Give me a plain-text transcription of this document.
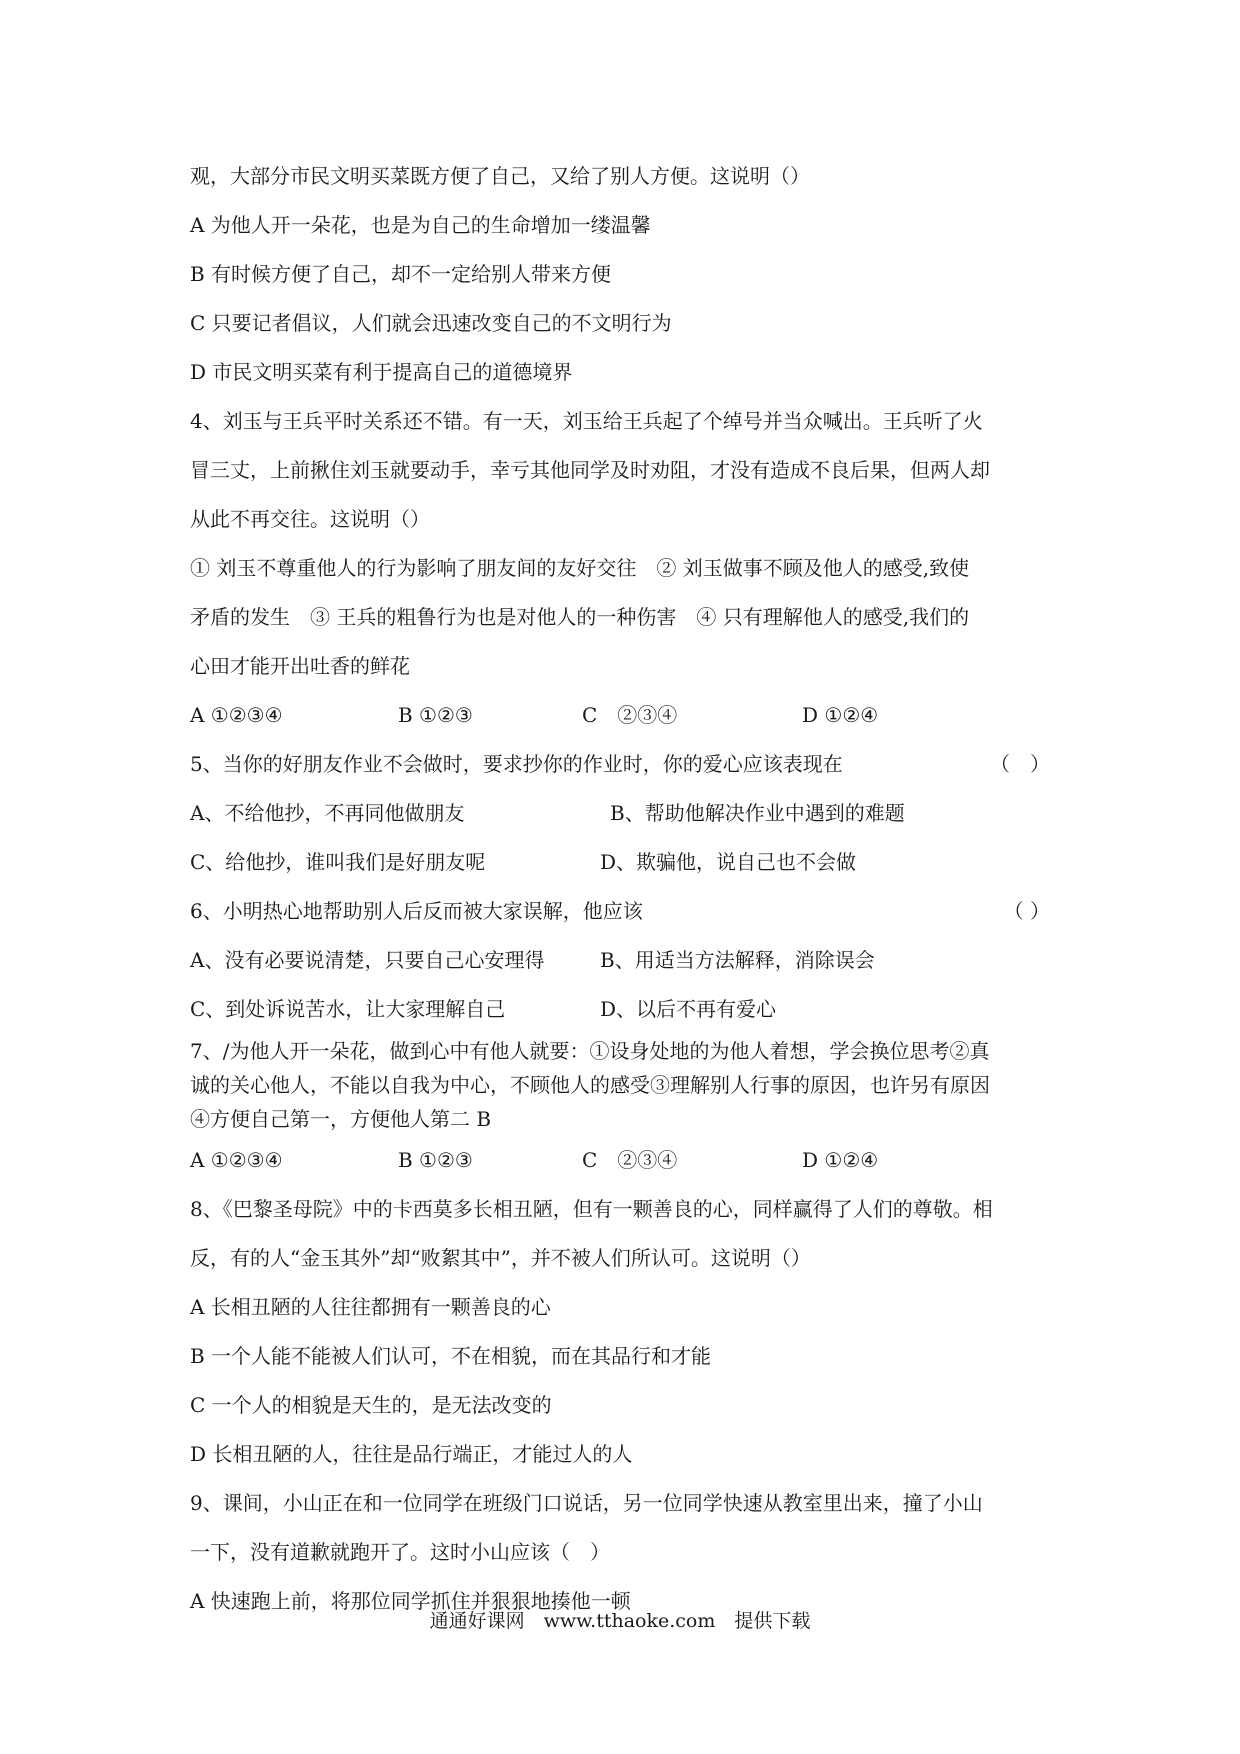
观，大部分市民文明买菜既方便了自己，又给了别人方便。这说明（）
A 为他人开一朵花，也是为自己的生命增加一缕温馨
B 有时候方便了自己，却不一定给别人带来方便
C 只要记者倡议，人们就会迅速改变自己的不文明行为
D 市民文明买菜有利于提高自己的道德境界
4、刘玉与王兵平时关系还不错。有一天，刘玉给王兵起了个绰号并当众喊出。王兵听了火
冒三丈，上前揪住刘玉就要动手，幸亏其他同学及时劝阻，才没有造成不良后果，但两人却
从此不再交往。这说明（）
① 刘玉不尊重他人的行为影响了朋友间的友好交往　② 刘玉做事不顾及他人的感受,致使
矛盾的发生　③ 王兵的粗鲁行为也是对他人的一种伤害　④ 只有理解他人的感受,我们的
心田才能开出吐香的鲜花
A ①②③④	B ①②③	C　②③④	D ①②④
5、当你的好朋友作业不会做时，要求抄你的作业时，你的爱心应该表现在	（　）
A、不给他抄，不再同他做朋友	B、帮助他解决作业中遇到的难题
C、给他抄，谁叫我们是好朋友呢	D、欺骗他，说自己也不会做
6、小明热心地帮助别人后反而被大家误解，他应该	（ ）
A、没有必要说清楚，只要自己心安理得	B、用适当方法解释，消除误会
C、到处诉说苦水，让大家理解自己	D、以后不再有爱心
7、/为他人开一朵花，做到心中有他人就要：①设身处地的为他人着想，学会换位思考②真
诚的关心他人，不能以自我为中心，不顾他人的感受③理解别人行事的原因，也许另有原因
④方便自己第一，方便他人第二 B
A ①②③④	B ①②③	C　②③④	D ①②④
8、《巴黎圣母院》中的卡西莫多长相丑陋，但有一颗善良的心，同样赢得了人们的尊敬。相
反，有的人“金玉其外”却“败絮其中”，并不被人们所认可。这说明（）
A 长相丑陋的人往往都拥有一颗善良的心
B 一个人能不能被人们认可，不在相貌，而在其品行和才能
C 一个人的相貌是天生的，是无法改变的
D 长相丑陋的人，往往是品行端正，才能过人的人
9、课间，小山正在和一位同学在班级门口说话，另一位同学快速从教室里出来，撞了小山
一下，没有道歉就跑开了。这时小山应该（　）
A 快速跑上前，将那位同学抓住并狠狠地揍他一顿
通通好课网　www.tthaoke.com　提供下载
